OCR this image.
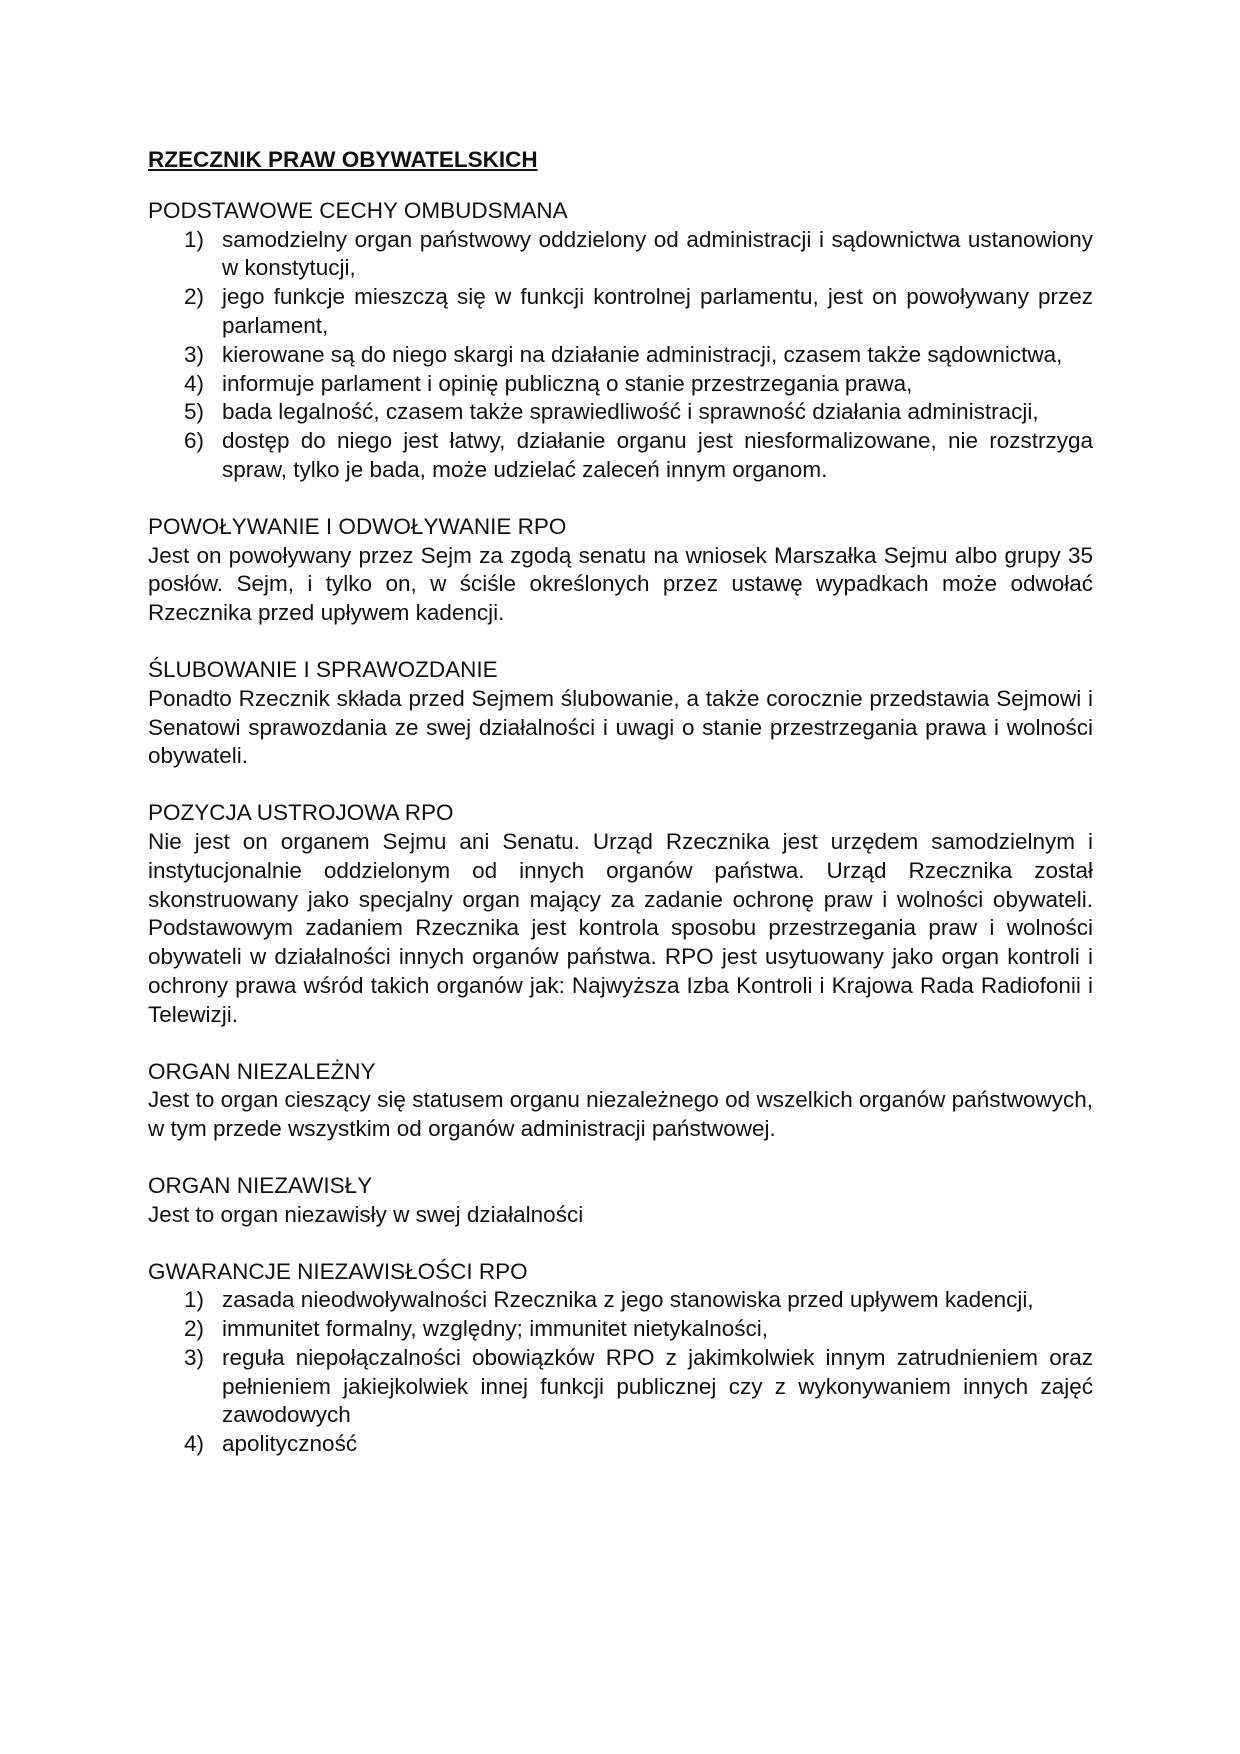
RZECZNIK PRAW OBYWATELSKICH
PODSTAWOWE CECHY OMBUDSMANA
1) samodzielny organ państwowy oddzielony od administracji i sądownictwa ustanowiony w konstytucji,
2) jego funkcje mieszczą się w funkcji kontrolnej parlamentu, jest on powoływany przez parlament,
3) kierowane są do niego skargi na działanie administracji, czasem także sądownictwa,
4) informuje parlament i opinię publiczną o stanie przestrzegania prawa,
5) bada legalność, czasem także sprawiedliwość i sprawność działania administracji,
6) dostęp do niego jest łatwy, działanie organu jest niesformalizowane, nie rozstrzyga spraw, tylko je bada, może udzielać zaleceń innym organom.
POWOŁYWANIE I ODWOŁYWANIE RPO

Jest on powoływany przez Sejm za zgodą senatu na wniosek Marszałka Sejmu albo grupy 35 posłów. Sejm, i tylko on, w ściśle określonych przez ustawę wypadkach może odwołać Rzecznika przed upływem kadencji.

ŚLUBOWANIE I SPRAWOZDANIE

Ponadto Rzecznik składa przed Sejmem ślubowanie, a także corocznie przedstawia Sejmowi i Senatowi sprawozdania ze swej działalności i uwagi o stanie przestrzegania prawa i wolności obywateli.

POZYCJA USTROJOWA RPO

Nie jest on organem Sejmu ani Senatu. Urząd Rzecznika jest urzędem samodzielnym i instytucjonalnie oddzielonym od innych organów państwa. Urząd Rzecznika został skonstruowany jako specjalny organ mający za zadanie ochronę praw i wolności obywateli. Podstawowym zadaniem Rzecznika jest kontrola sposobu przestrzegania praw i wolności obywateli w działalności innych organów państwa. RPO jest usytuowany jako organ kontroli i ochrony prawa wśród takich organów jak: Najwyższa Izba Kontroli i Krajowa Rada Radiofonii i Telewizji.

ORGAN NIEZALEŻNY

Jest to organ cieszący się statusem organu niezależnego od wszelkich organów państwowych, w tym przede wszystkim od organów administracji państwowej.

ORGAN NIEZAWISŁY

Jest to organ niezawisły w swej działalności

GWARANCJE NIEZAWISŁOŚCI RPO
1) zasada nieodwoływalności Rzecznika z jego stanowiska przed upływem kadencji,
2) immunitet formalny, względny; immunitet nietykalności,
3) reguła niepołączalności obowiązków RPO z jakimkolwiek innym zatrudnieniem oraz pełnieniem jakiejkolwiek innej funkcji publicznej czy z wykonywaniem innych zajęć zawodowych
4) apolityczność
